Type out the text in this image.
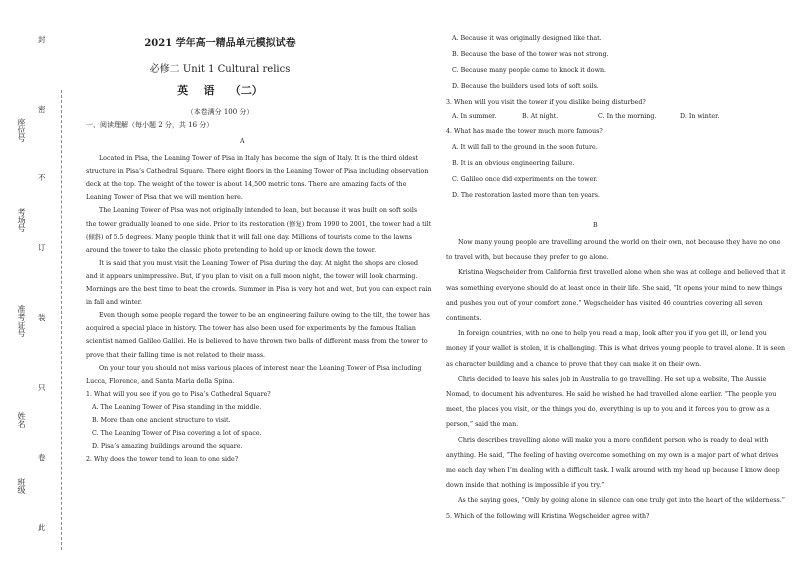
此
卷
只
装
订
不
密
封
班级
姓名
准考证号
考场号
座位号
2021 学年高一精品单元模拟试卷
必修二 Unit 1 Cultural relics
英    语    （二）
（本卷满分 100 分）
一、阅读理解（每小题 2 分，共 16 分）
A
Located in Pisa, the Leaning Tower of Pisa in Italy has become the sign of Italy. It is the third oldest
structure in Pisa’s Cathedral Square. There eight floors in the Leaning Tower of Pisa including observation
deck at the top. The weight of the tower is about 14,500 metric tons. There are amazing facts of the
Leaning Tower of Pisa that we will mention here.
The Leaning Tower of Pisa was not originally intended to lean, but because it was built on soft soils
the tower gradually leaned to one side. Prior to its restoration (修复) from 1990 to 2001, the tower had a tilt
(倾斜) of 5.5 degrees. Many people think that it will fall one day. Millions of tourists come to the lawns
around the tower to take the classic photo pretending to hold up or knock down the tower.
It is said that you must visit the Leaning Tower of Pisa during the day. At night the shops are closed
and it appears unimpressive. But, if you plan to visit on a full moon night, the tower will look charming.
Mornings are the best time to beat the crowds. Summer in Pisa is very hot and wet, but you can expect rain
in fall and winter.
Even though some people regard the tower to be an engineering failure owing to the tilt, the tower has
acquired a special place in history. The tower has also been used for experiments by the famous Italian
scientist named Galileo Galilei. He is believed to have thrown two balls of different mass from the tower to
prove that their falling time is not related to their mass.
On your tour you should not miss various places of interest near the Leaning Tower of Pisa including
Lucca, Florence, and Santa Maria della Spina.
1. What will you see if you go to Pisa’s Cathedral Square?
A. The Leaning Tower of Pisa standing in the middle.
B. More than one ancient structure to visit.
C. The Leaning Tower of Pisa covering a lot of space.
D. Pisa’s amazing buildings around the square.
2. Why does the tower tend to lean to one side?
A. Because it was originally designed like that.
B. Because the base of the tower was not strong.
C. Because many people came to knock it down.
D. Because the builders used lots of soft soils.
3. When will you visit the tower if you dislike being disturbed?
A. In summer.	B. At night.	C. In the morning.	D. In winter.
4. What has made the tower much more famous?
A. It will fall to the ground in the soon future.
B. It is an obvious engineering failure.
C. Galileo once did experiments on the tower.
D. The restoration lasted more than ten years.
B
Now many young people are travelling around the world on their own, not because they have no one
to travel with, but because they prefer to go alone.
Kristina Wegscheider from California first travelled alone when she was at college and believed that it
was something everyone should do at least once in their life. She said, “It opens your mind to new things
and pushes you out of your comfort zone.” Wegscheider has visited 46 countries covering all seven
continents.
In foreign countries, with no one to help you read a map, look after you if you get ill, or lend you
money if your wallet is stolen, it is challenging. This is what drives young people to travel alone. It is seen
as character building and a chance to prove that they can make it on their own.
Chris decided to leave his sales job in Australia to go travelling. He set up a website, The Aussie
Nomad, to document his adventures. He said he wished he had travelled alone earlier. “The people you
meet, the places you visit, or the things you do, everything is up to you and it forces you to grow as a
person,” said the man.
Chris describes travelling alone will make you a more confident person who is ready to deal with
anything. He said, “The feeling of having overcome something on my own is a major part of what drives
me each day when I’m dealing with a difficult task. I walk around with my head up because I know deep
down inside that nothing is impossible if you try.”
As the saying goes, “Only by going alone in silence can one truly get into the heart of the wilderness.”
5. Which of the following will Kristina Wegscheider agree with?
